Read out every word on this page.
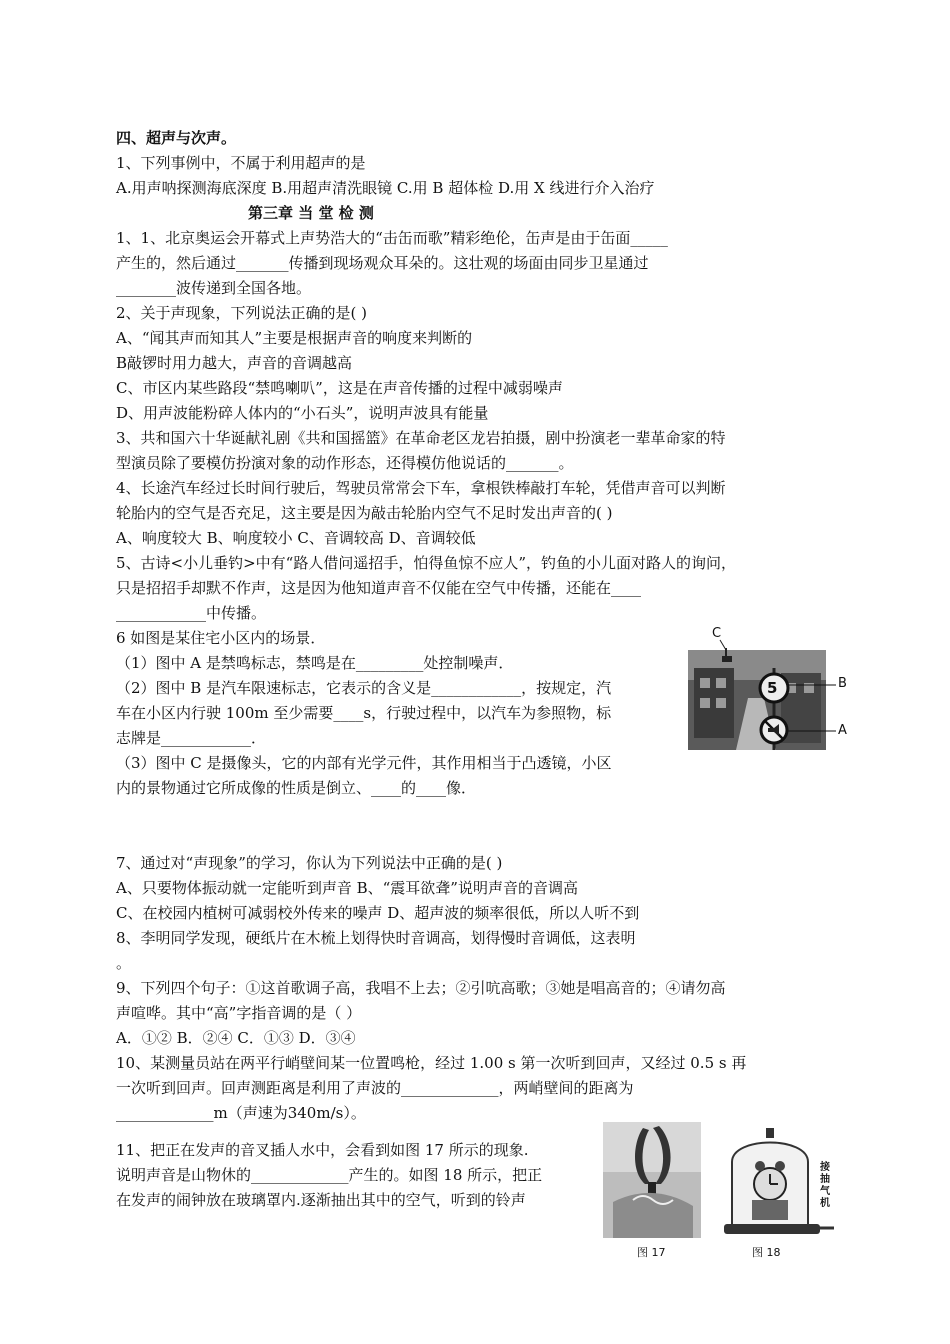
四、超声与次声。
1、下列事例中，不属于利用超声的是
A.用声呐探测海底深度 B.用超声清洗眼镜 C.用 B 超体检 D.用 X 线进行介入治疗
第三章 当 堂 检 测
1、1、北京奥运会开幕式上声势浩大的“击缶而歌”精彩绝伦，缶声是由于缶面_____
产生的，然后通过_______传播到现场观众耳朵的。这壮观的场面由同步卫星通过
________波传递到全国各地。
2、关于声现象，下列说法正确的是( )
A、“闻其声而知其人”主要是根据声音的响度来判断的
B敲锣时用力越大，声音的音调越高
C、市区内某些路段“禁鸣喇叭”，这是在声音传播的过程中减弱噪声
D、用声波能粉碎人体内的“小石头”，说明声波具有能量
3、共和国六十华诞献礼剧《共和国摇篮》在革命老区龙岩拍摄，剧中扮演老一辈革命家的特
型演员除了要模仿扮演对象的动作形态，还得模仿他说话的_______。
4、长途汽车经过长时间行驶后，驾驶员常常会下车，拿根铁棒敲打车轮，凭借声音可以判断
轮胎内的空气是否充足，这主要是因为敲击轮胎内空气不足时发出声音的( )
A、响度较大 B、响度较小 C、音调较高 D、音调较低
5、古诗<小儿垂钓>中有“路人借问遥招手，怕得鱼惊不应人”，钓鱼的小儿面对路人的询问，
只是招招手却默不作声，这是因为他知道声音不仅能在空气中传播，还能在____
____________中传播。
6 如图是某住宅小区内的场景．
（1）图中 A 是禁鸣标志，禁鸣是在_________处控制噪声．
（2）图中 B 是汽车限速标志，它表示的含义是____________，按规定，汽
车在小区内行驶 100m 至少需要____s，行驶过程中，以汽车为参照物，标
志牌是____________．
（3）图中 C 是摄像头，它的内部有光学元件，其作用相当于凸透镜，小区
内的景物通过它所成像的性质是倒立、____的____像．
7、通过对“声现象”的学习，你认为下列说法中正确的是( )
A、只要物体振动就一定能听到声音 B、“震耳欲聋”说明声音的音调高
C、在校园内植树可减弱校外传来的噪声 D、超声波的频率很低，所以人听不到
8、李明同学发现，硬纸片在木梳上划得快时音调高，划得慢时音调低，这表明
。
9、下列四个句子：①这首歌调子高，我唱不上去；②引吭高歌；③她是唱高音的；④请勿高
声喧哗。其中“高”字指音调的是（ ）
A．①② B．②④ C．①③ D．③④
10、某测量员站在两平行峭壁间某一位置鸣枪，经过 1.00 s 第一次听到回声，又经过 0.5 s 再
一次听到回声。回声测距离是利用了声波的_____________，两峭壁间的距离为
_____________m（声速为340m/s）。
11、把正在发声的音叉插人水中，会看到如图 17 所示的现象.
说明声音是山物休的_____________产生的。如图 18 所示，把正
在发声的闹钟放在玻璃罩内.逐渐抽出其中的空气，听到的铃声
C
B
A
5
图 17
接抽气机
图 18
